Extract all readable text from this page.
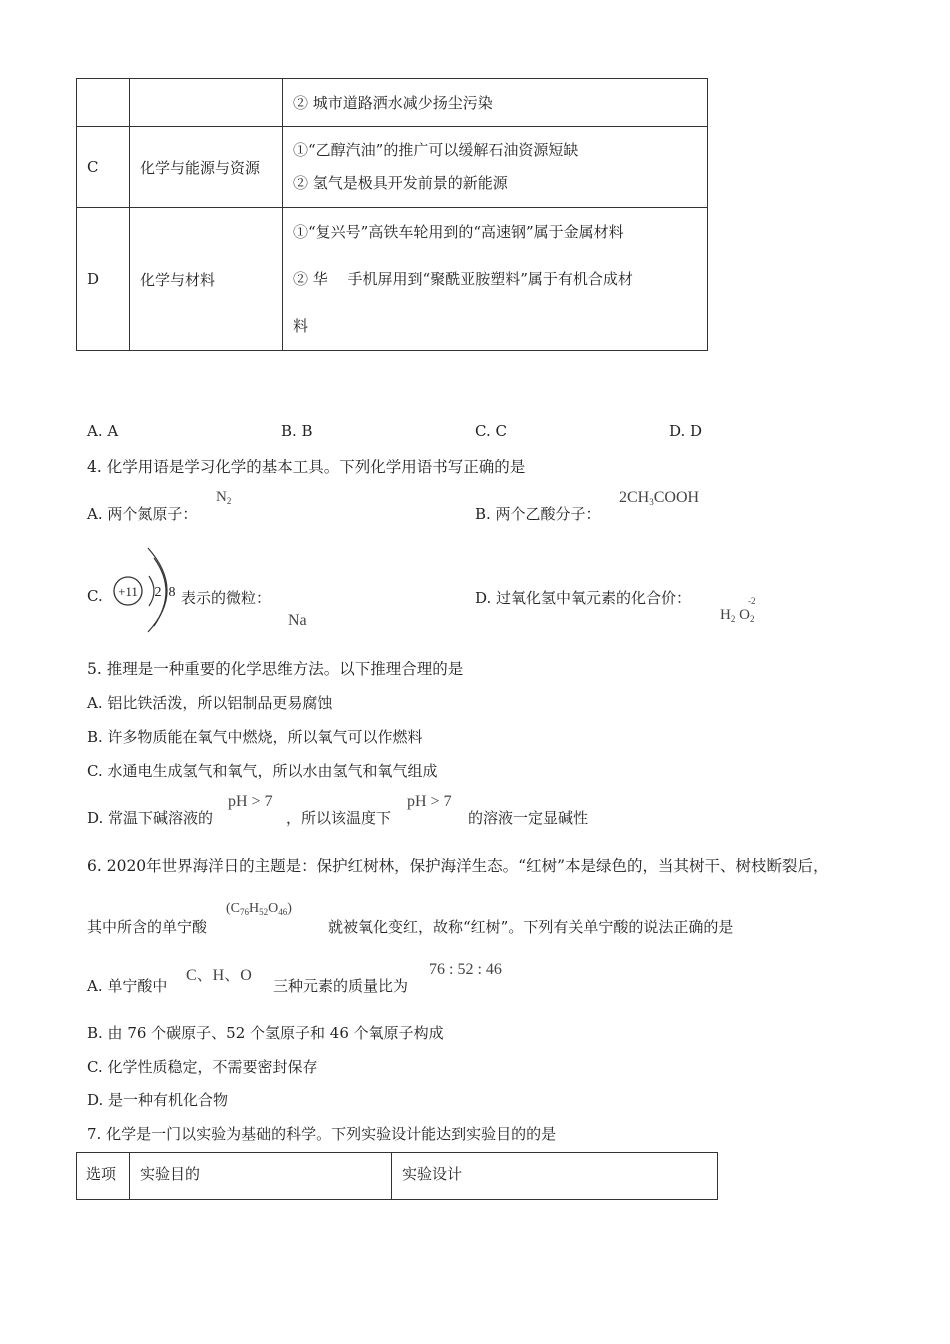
		② 城市道路洒水减少扬尘污染

C	化学与能源与资源	①“乙醇汽油”的推广可以缓解石油资源短缺
② 氢气是极具开发前景的新能源

D	化学与材料	①“复兴号”高铁车轮用到的“高速钢”属于金属材料
② 华　 手机屏用到“聚酰亚胺塑料”属于有机合成材
料
A. A	B. B	C. C	D. D
4. 化学用语是学习化学的基本工具。下列化学用语书写正确的是
A. 两个氮原子：
$N_2$
B. 两个乙酸分子：
$2CH_3COOH$
C. +11 2 8 表示的微粒：
Na
D. 过氧化氢中氧元素的化合价：	-2
$H_2$ $O_2$
5. 推理是一种重要的化学思维方法。以下推理合理的是
A. 铝比铁活泼，所以铝制品更易腐蚀
B. 许多物质能在氧气中燃烧，所以氧气可以作燃料
C. 水通电生成氢气和氧气，所以水由氢气和氧气组成
D. 常温下碱溶液的
pH > 7
，所以该温度下
pH > 7
的溶液一定显碱性
6. 2020年世界海洋日的主题是：保护红树林，保护海洋生态。“红树”本是绿色的，当其树干、树枝断裂后，
其中所含的单宁酸
$(C_{76}H_{52}O_{46})$
就被氧化变红，故称“红树”。下列有关单宁酸的说法正确的是
A. 单宁酸中
C、H、O
三种元素的质量比为
76 : 52 : 46
B. 由 76 个碳原子、52 个氢原子和 46 个氧原子构成
C. 化学性质稳定，不需要密封保存
D. 是一种有机化合物
7. 化学是一门以实验为基础的科学。下列实验设计能达到实验目的的是
选项	实验目的	实验设计
